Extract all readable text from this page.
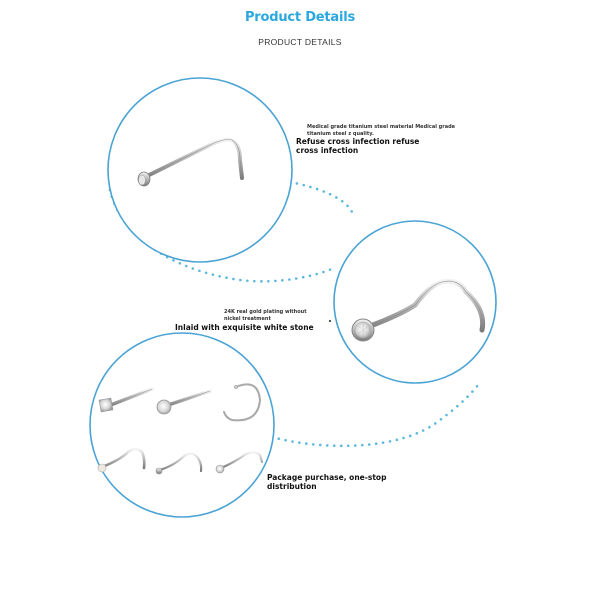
Product Details
PRODUCT DETAILS
Medical grade titanium steel material Medical grade titanium steel z quality.
Refuse cross infection refuse cross infection
24K real gold plating without nickel treatment
Inlaid with exquisite white stone
Package purchase, one-stop distribution
